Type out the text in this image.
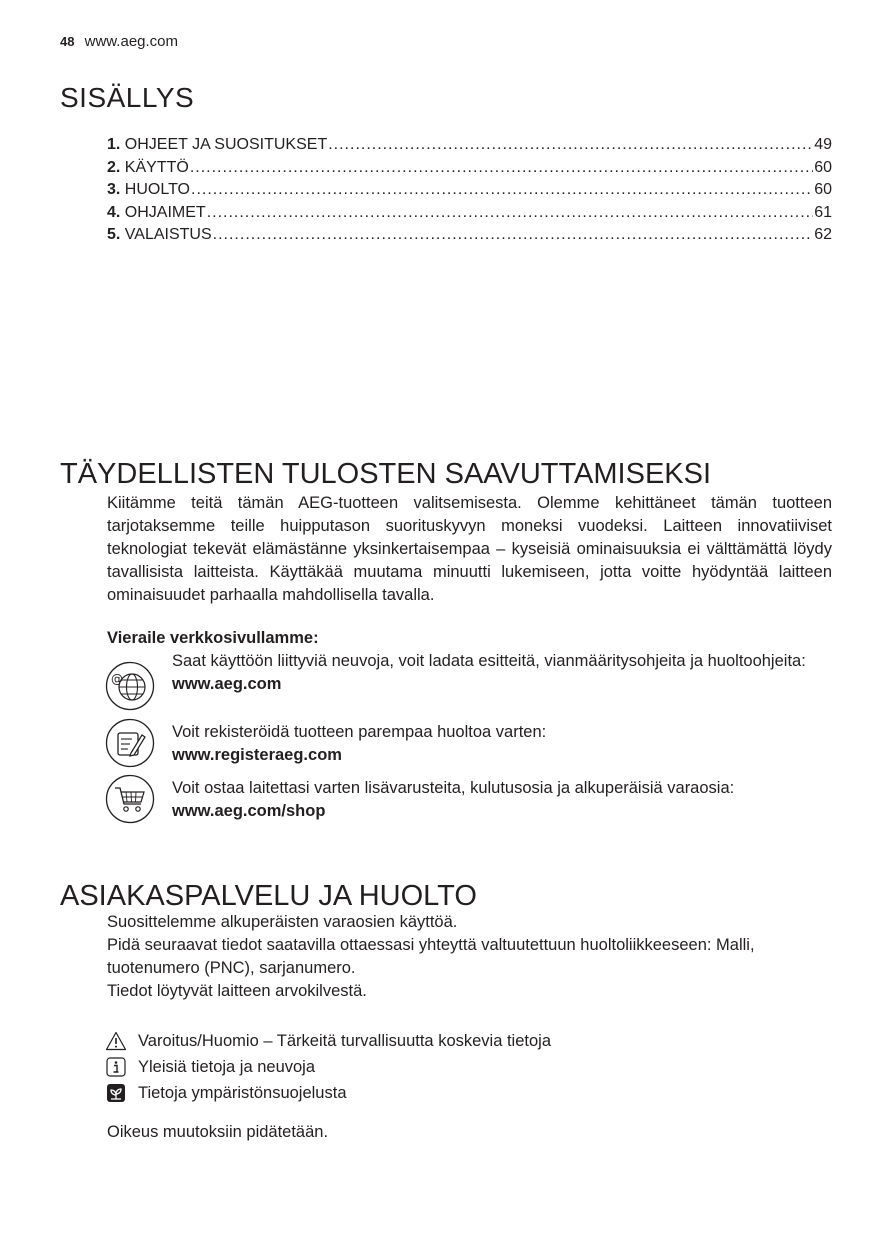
48 www.aeg.com
SISÄLLYS
1. OHJEET JA SUOSITUKSET .....	49
2. KÄYTTÖ .....	60
3. HUOLTO .....	60
4. OHJAIMET .....	61
5. VALAISTUS .....	62
TÄYDELLISTEN TULOSTEN SAAVUTTAMISEKSI
Kiitämme teitä tämän AEG-tuotteen valitsemisesta. Olemme kehittäneet tämän tuotteen tarjotaksemme teille huipputason suorituskyvyn moneksi vuodeksi. Laitteen innovatiiviset teknologiat tekevät elämästänne yksinkertaisempaa – kyseisiä ominaisuuksia ei välttämättä löydy tavallisista laitteista. Käyttäkää muutama minuutti lukemiseen, jotta voitte hyödyntää laitteen ominaisuudet parhaalla mahdollisella tavalla.
Vieraile verkkosivullamme:
@
Saat käyttöön liittyviä neuvoja, voit ladata esitteitä, vianmääritysohjeita ja huoltoohjeita:
www.aeg.com
Voit rekisteröidä tuotteen parempaa huoltoa varten:
www.registeraeg.com
Voit ostaa laitettasi varten lisävarusteita, kulutusosia ja alkuperäisiä varaosia:
www.aeg.com/shop
ASIAKASPALVELU JA HUOLTO
Suosittelemme alkuperäisten varaosien käyttöä.
Pidä seuraavat tiedot saatavilla ottaessasi yhteyttä valtuutettuun huoltoliikkeeseen: Malli, tuotenumero (PNC), sarjanumero.
Tiedot löytyvät laitteen arvokilvestä.
Varoitus/Huomio – Tärkeitä turvallisuutta koskevia tietoja
Yleisiä tietoja ja neuvoja
Tietoja ympäristönsuojelusta
Oikeus muutoksiin pidätetään.
